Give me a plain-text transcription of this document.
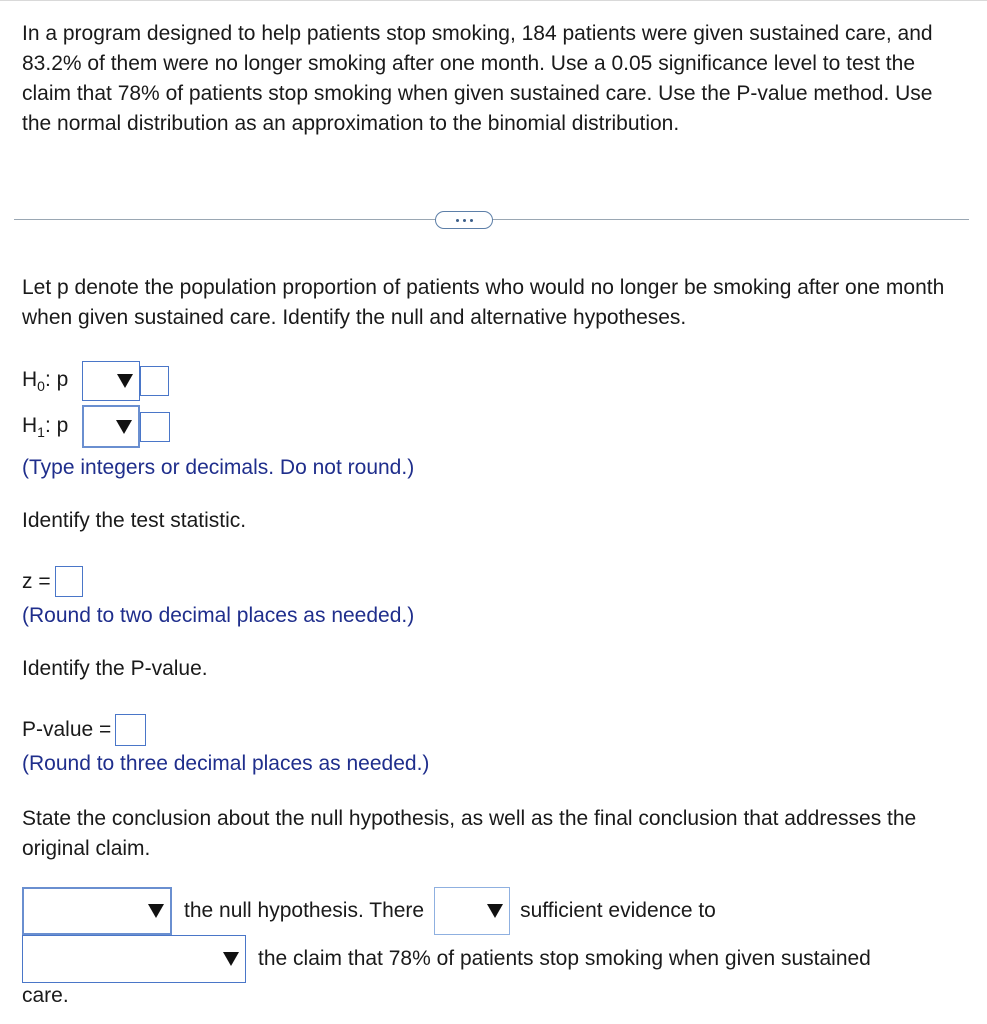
In a program designed to help patients stop smoking, 184 patients were given sustained care, and 83.2% of them were no longer smoking after one month. Use a 0.05 significance level to test the claim that 78% of patients stop smoking when given sustained care. Use the P-value method. Use the normal distribution as an approximation to the binomial distribution.

Let p denote the population proportion of patients who would no longer be smoking after one month when given sustained care. Identify the null and alternative hypotheses.

$H_0$: p
$H_1$: p
(Type integers or decimals. Do not round.)
Identify the test statistic.
z =
(Round to two decimal places as needed.)
Identify the P-value.
P-value =
(Round to three decimal places as needed.)

State the conclusion about the null hypothesis, as well as the final conclusion that addresses the original claim.

the null hypothesis. There	sufficient evidence to
the claim that 78% of patients stop smoking when given sustained
care.
